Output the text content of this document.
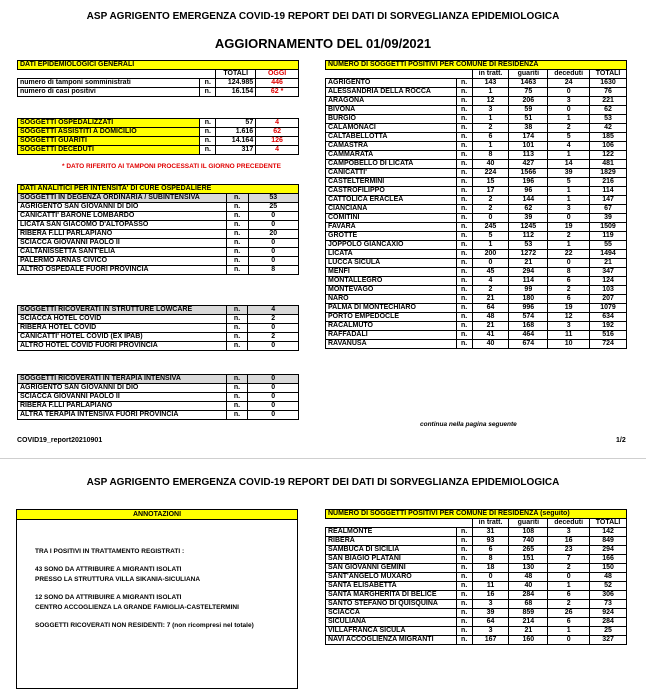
ASP AGRIGENTO EMERGENZA COVID-19 REPORT DEI DATI DI SORVEGLIANZA EPIDEMIOLOGICA
AGGIORNAMENTO DEL 01/09/2021
DATI EPIDEMIOLOGICI GENERALI			
		TOTALI	OGGI
numero di tamponi somministrati	n.	124.985	446
numero di casi positivi	n.	16.154	62 *
SOGGETTI OSPEDALIZZATI	n.	57	4
SOGGETTI ASSISTITI A DOMICILIO	n.	1.616	62
SOGGETTI GUARITI	n.	14.164	126
SOGGETTI DECEDUTI	n.	317	4
* DATO RIFERITO AI TAMPONI PROCESSATI IL GIORNO PRECEDENTE
DATI ANALITICI PER INTENSITA' DI CURE OSPEDALIERE		
SOGGETTI IN DEGENZA ORDINARIA / SUBINTENSIVA	n.	53
AGRIGENTO SAN GIOVANNI DI DIO	n.	25
CANICATTI' BARONE LOMBARDO	n.	0
LICATA SAN GIACOMO D'ALTOPASSO	n.	0
RIBERA F.LLI PARLAPIANO	n.	20
SCIACCA GIOVANNI PAOLO II	n.	0
CALTANISSETTA SANT'ELIA	n.	0
PALERMO ARNAS CIVICO	n.	0
ALTRO OSPEDALE FUORI PROVINCIA	n.	8
SOGGETTI RICOVERATI IN STRUTTURE LOWCARE	n.	4
SCIACCA HOTEL COVID	n.	2
RIBERA HOTEL COVID	n.	0
CANICATTI' HOTEL COVID (EX IPAB)	n.	2
ALTRO HOTEL COVID FUORI PROVINCIA	n.	0
SOGGETTI RICOVERATI IN TERAPIA INTENSIVA	n.	0
AGRIGENTO SAN GIOVANNI DI DIO	n.	0
SCIACCA GIOVANNI PAOLO II	n.	0
RIBERA F.LLI PARLAPIANO	n.	0
ALTRA TERAPIA INTENSIVA FUORI PROVINCIA	n.	0
NUMERO DI SOGGETTI POSITIVI PER COMUNE DI RESIDENZA					
		in tratt.	guariti	deceduti	TOTALI
AGRIGENTO	n.	143	1463	24	1630
ALESSANDRIA DELLA ROCCA	n.	1	75	0	76
ARAGONA	n.	12	206	3	221
BIVONA	n.	3	59	0	62
BURGIO	n.	1	51	1	53
CALAMONACI	n.	2	38	2	42
CALTABELLOTTA	n.	6	174	5	185
CAMASTRA	n.	1	101	4	106
CAMMARATA	n.	8	113	1	122
CAMPOBELLO DI LICATA	n.	40	427	14	481
CANICATTI'	n.	224	1566	39	1829
CASTELTERMINI	n.	15	196	5	216
CASTROFILIPPO	n.	17	96	1	114
CATTOLICA ERACLEA	n.	2	144	1	147
CIANCIANA	n.	2	62	3	67
COMITINI	n.	0	39	0	39
FAVARA	n.	245	1245	19	1509
GROTTE	n.	5	112	2	119
JOPPOLO GIANCAXIO	n.	1	53	1	55
LICATA	n.	200	1272	22	1494
LUCCA SICULA	n.	0	21	0	21
MENFI	n.	45	294	8	347
MONTALLEGRO	n.	4	114	6	124
MONTEVAGO	n.	2	99	2	103
NARO	n.	21	180	6	207
PALMA DI MONTECHIARO	n.	64	996	19	1079
PORTO EMPEDOCLE	n.	48	574	12	634
RACALMUTO	n.	21	168	3	192
RAFFADALI	n.	41	464	11	516
RAVANUSA	n.	40	674	10	724
continua nella pagina seguente
COVID19_report20210901	1/2
ASP AGRIGENTO EMERGENZA COVID-19 REPORT DEI DATI DI SORVEGLIANZA EPIDEMIOLOGICA
ANNOTAZIONI

TRA I POSITIVI IN TRATTAMENTO REGISTRATI :

43 SONO DA ATTRIBUIRE A MIGRANTI ISOLATI

PRESSO LA STRUTTURA VILLA SIKANIA-SICULIANA

12 SONO DA ATTRIBUIRE A MIGRANTI ISOLATI

CENTRO ACCOGLIENZA LA GRANDE FAMIGLIA-CASTELTERMINI

SOGGETTI RICOVERATI NON RESIDENTI: 7 (non ricompresi nel totale)

NUMERO DI SOGGETTI POSITIVI PER COMUNE DI RESIDENZA (seguito)					
		in tratt.	guariti	deceduti	TOTALI
REALMONTE	n.	31	108	3	142
RIBERA	n.	93	740	16	849
SAMBUCA DI SICILIA	n.	6	265	23	294
SAN BIAGIO PLATANI	n.	8	151	7	166
SAN GIOVANNI GEMINI	n.	18	130	2	150
SANT'ANGELO MUXARO	n.	0	48	0	48
SANTA ELISABETTA	n.	11	40	1	52
SANTA MARGHERITA DI BELICE	n.	16	284	6	306
SANTO STEFANO DI QUISQUINA	n.	3	68	2	73
SCIACCA	n.	39	859	26	924
SICULIANA	n.	64	214	6	284
VILLAFRANCA SICULA	n.	3	21	1	25
NAVI ACCOGLIENZA MIGRANTI	n.	167	160	0	327
